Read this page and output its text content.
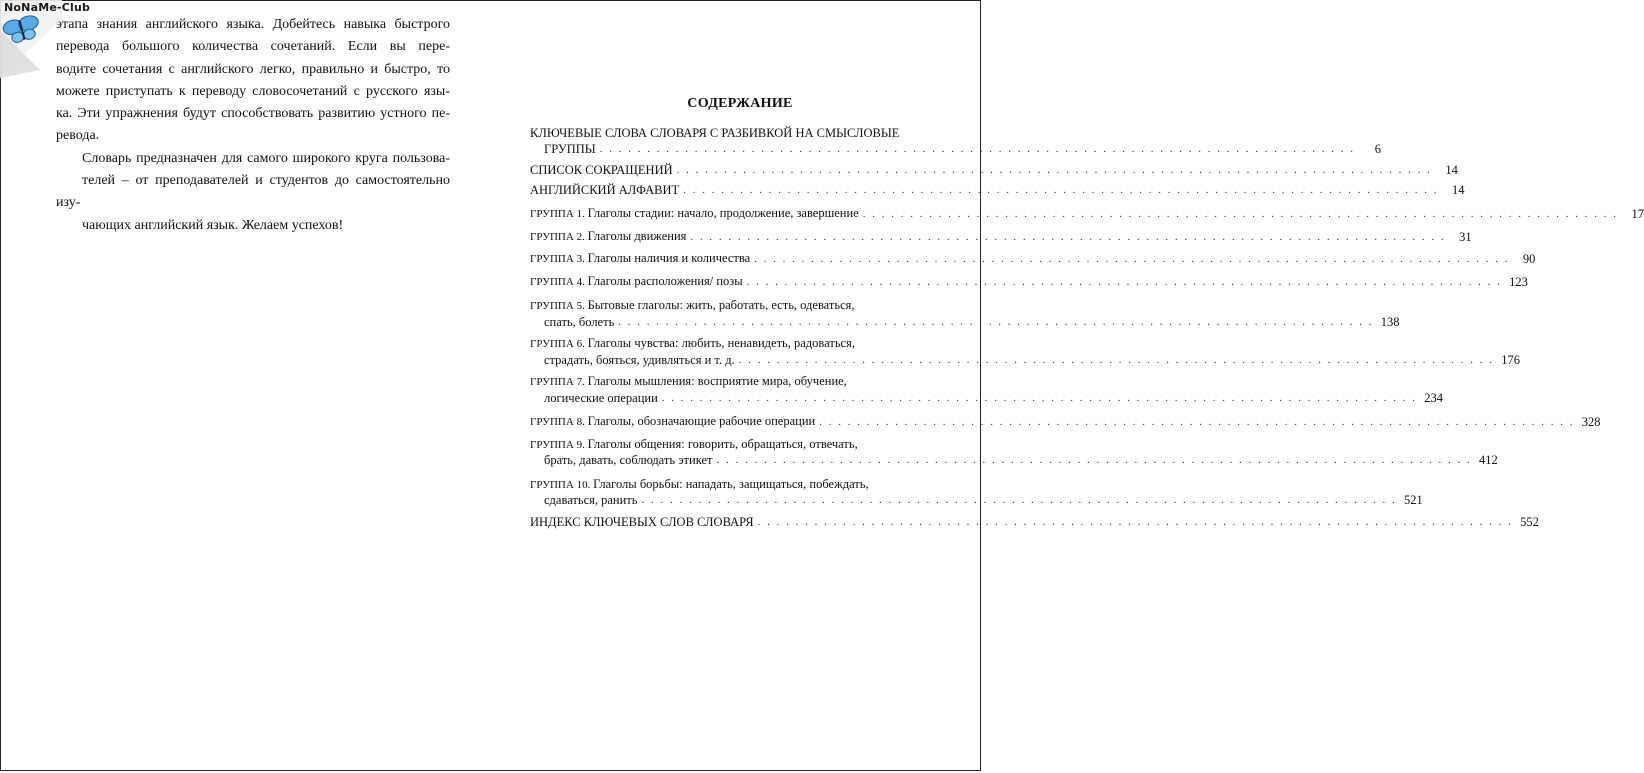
NoNaMe-Club

этапа знания английского языка. Добейтесь навыка быстрого
перевода большого количества сочетаний. Если вы пере-
водите сочетания с английского легко, правильно и быстро, то
можете приступать к переводу словосочетаний с русского язы-
ка. Эти упражнения будут способствовать развитию устного пе-
ревода.

Словарь предназначен для самого широкого круга пользова-
телей – от преподавателей и студентов до самостоятельно изу-
чающих английский язык. Желаем успехов!

СОДЕРЖАНИЕ
КЛЮЧЕВЫЕ СЛОВА СЛОВАРЯ С РАЗБИВКОЙ НА СМЫСЛОВЫЕ
ГРУППЫ . . . . . . . . . . . . . . . . . . . . . . . . . . . . . . . . . . . . . . . . . . . . . . . . . . . . . . . . . . . . . . . . . . . . . . . . . . . . . . . .	6
СПИСОК СОКРАЩЕНИЙ . . . . . . . . . . . . . . . . . . . . . . . . . . . . . . . . . . . . . . . . . . . . . . . . . . . . . . . . . . . . . . . . . . . . . . . . . . . . . . . .	14
АНГЛИЙСКИЙ АЛФАВИТ . . . . . . . . . . . . . . . . . . . . . . . . . . . . . . . . . . . . . . . . . . . . . . . . . . . . . . . . . . . . . . . . . . . . . . . . . . . . . . . .	14
ГРУППА 1. Глаголы стадии: начало, продолжение, завершение . . . . . . . . . . . . . . . . . . . . . . . . . . . . . . . . . . . . . . . . . . . . . . . . . . . . . . . . . . . . . . . . . . . . . . . . . . . . . . . .	17
ГРУППА 2. Глаголы движения . . . . . . . . . . . . . . . . . . . . . . . . . . . . . . . . . . . . . . . . . . . . . . . . . . . . . . . . . . . . . . . . . . . . . . . . . . . . . . . .	31
ГРУППА 3. Глаголы наличия и количества . . . . . . . . . . . . . . . . . . . . . . . . . . . . . . . . . . . . . . . . . . . . . . . . . . . . . . . . . . . . . . . . . . . . . . . . . . . . . . . .	90
ГРУППА 4. Глаголы расположения/ позы . . . . . . . . . . . . . . . . . . . . . . . . . . . . . . . . . . . . . . . . . . . . . . . . . . . . . . . . . . . . . . . . . . . . . . . . . . . . . . . . 123
ГРУППА 5. Бытовые глаголы: жить, работать, есть, одеваться,
спать, болеть . . . . . . . . . . . . . . . . . . . . . . . . . . . . . . . . . . . . . . . . . . . . . . . . . . . . . . . . . . . . . . . . . . . . . . . . . . . . . . . . 138
ГРУППА 6. Глаголы чувства: любить, ненавидеть, радоваться,
страдать, бояться, удивляться и т. д. . . . . . . . . . . . . . . . . . . . . . . . . . . . . . . . . . . . . . . . . . . . . . . . . . . . . . . . . . . . . . . . . . . . . . . . . . . . . . . . . 176
ГРУППА 7. Глаголы мышления: восприятие мира, обучение,
логические операции . . . . . . . . . . . . . . . . . . . . . . . . . . . . . . . . . . . . . . . . . . . . . . . . . . . . . . . . . . . . . . . . . . . . . . . . . . . . . . . . 234
ГРУППА 8. Глаголы, обозначающие рабочие операции . . . . . . . . . . . . . . . . . . . . . . . . . . . . . . . . . . . . . . . . . . . . . . . . . . . . . . . . . . . . . . . . . . . . . . . . . . . . . . . . 328
ГРУППА 9. Глаголы общения: говорить, обращаться, отвечать,
брать, давать, соблюдать этикет . . . . . . . . . . . . . . . . . . . . . . . . . . . . . . . . . . . . . . . . . . . . . . . . . . . . . . . . . . . . . . . . . . . . . . . . . . . . . . . . 412
ГРУППА 10. Глаголы борьбы: нападать, защищаться, побеждать,
сдаваться, ранить . . . . . . . . . . . . . . . . . . . . . . . . . . . . . . . . . . . . . . . . . . . . . . . . . . . . . . . . . . . . . . . . . . . . . . . . . . . . . . . . 521
ИНДЕКС КЛЮЧЕВЫХ СЛОВ СЛОВАРЯ . . . . . . . . . . . . . . . . . . . . . . . . . . . . . . . . . . . . . . . . . . . . . . . . . . . . . . . . . . . . . . . . . . . . . . . . . . . . . . . . 552
